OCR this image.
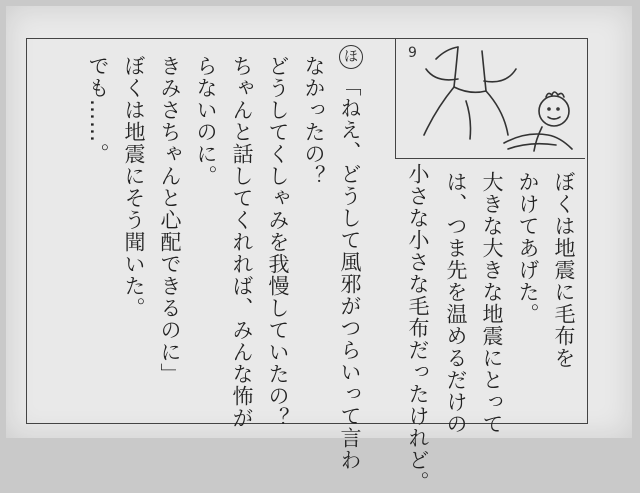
9
ぼくは地震に毛布を
かけてあげた。
大きな大きな地震にとって
は、つま先を温めるだけの
小さな小さな毛布だったけれど。
ほ
「ねえ、どうして風邪がつらいって言わ
なかったの？
どうしてくしゃみを我慢していたの？
ちゃんと話してくれれば、みんな怖が
らないのに。
きみさちゃんと心配できるのに」
ぼくは地震にそう聞いた。
でも……。
